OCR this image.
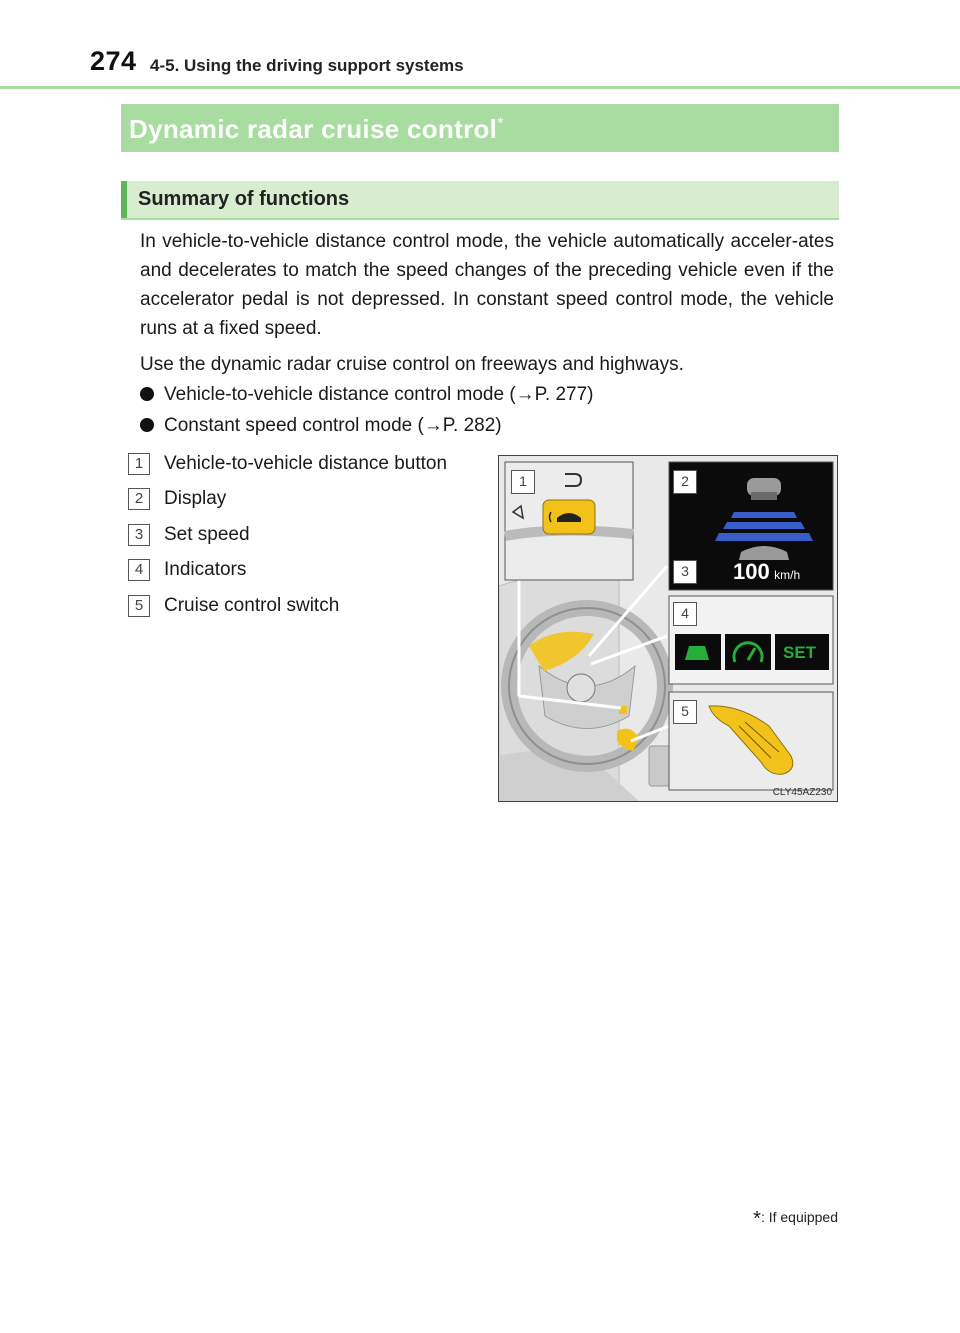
274 4-5. Using the driving support systems
Dynamic radar cruise control*
Summary of functions
In vehicle-to-vehicle distance control mode, the vehicle automatically acceler-ates and decelerates to match the speed changes of the preceding vehicle even if the accelerator pedal is not depressed. In constant speed control mode, the vehicle runs at a fixed speed.
Use the dynamic radar cruise control on freeways and highways.
Vehicle-to-vehicle distance control mode (→P. 277)
Constant speed control mode (→P. 282)
1	Vehicle-to-vehicle distance button
2	Display
3	Set speed
4	Indicators
5	Cruise control switch
100 km/h
SET
1	2
3
4
5
CLY45AZ230
*: If equipped
